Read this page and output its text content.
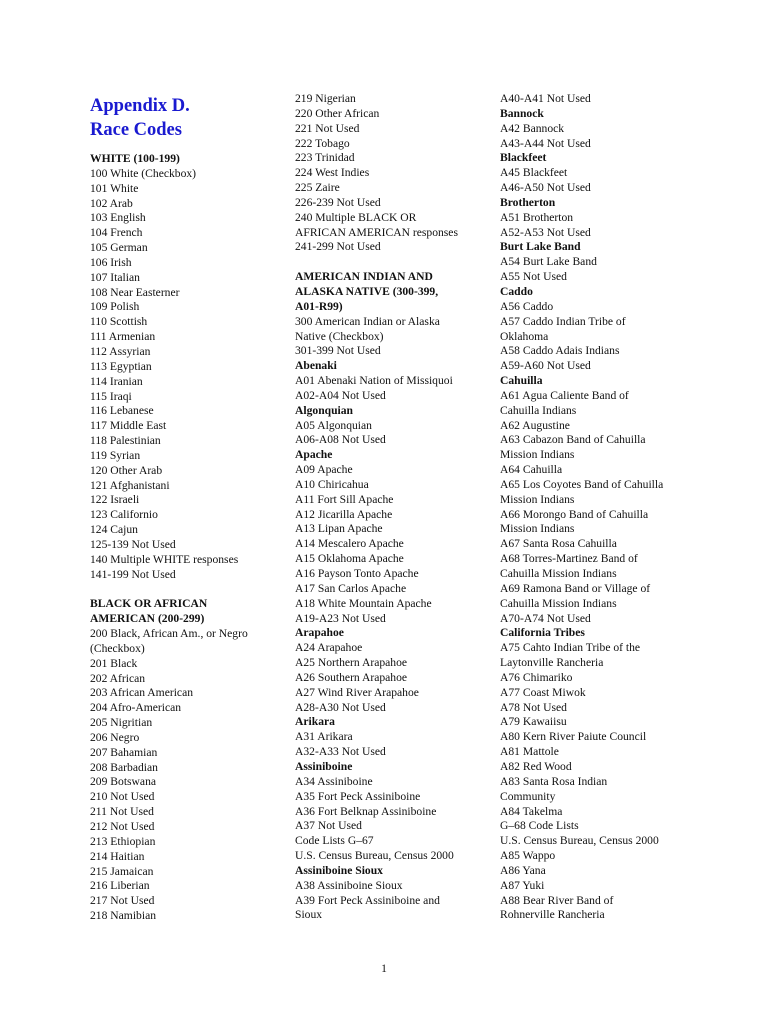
Appendix D.
Race Codes
WHITE (100-199)
100 White (Checkbox)
101 White
102 Arab
103 English
104 French
105 German
106 Irish
107 Italian
108 Near Easterner
109 Polish
110 Scottish
111 Armenian
112 Assyrian
113 Egyptian
114 Iranian
115 Iraqi
116 Lebanese
117 Middle East
118 Palestinian
119 Syrian
120 Other Arab
121 Afghanistani
122 Israeli
123 Californio
124 Cajun
125-139 Not Used
140 Multiple WHITE responses
141-199 Not Used
BLACK OR AFRICAN
AMERICAN (200-299)
200 Black, African Am., or Negro
(Checkbox)
201 Black
202 African
203 African American
204 Afro-American
205 Nigritian
206 Negro
207 Bahamian
208 Barbadian
209 Botswana
210 Not Used
211 Not Used
212 Not Used
213 Ethiopian
214 Haitian
215 Jamaican
216 Liberian
217 Not Used
218 Namibian
219 Nigerian
220 Other African
221 Not Used
222 Tobago
223 Trinidad
224 West Indies
225 Zaire
226-239 Not Used
240 Multiple BLACK OR
AFRICAN AMERICAN responses
241-299 Not Used
AMERICAN INDIAN AND
ALASKA NATIVE (300-399,
A01-R99)
300 American Indian or Alaska
Native (Checkbox)
301-399 Not Used
Abenaki
A01 Abenaki Nation of Missiquoi
A02-A04 Not Used
Algonquian
A05 Algonquian
A06-A08 Not Used
Apache
A09 Apache
A10 Chiricahua
A11 Fort Sill Apache
A12 Jicarilla Apache
A13 Lipan Apache
A14 Mescalero Apache
A15 Oklahoma Apache
A16 Payson Tonto Apache
A17 San Carlos Apache
A18 White Mountain Apache
A19-A23 Not Used
Arapahoe
A24 Arapahoe
A25 Northern Arapahoe
A26 Southern Arapahoe
A27 Wind River Arapahoe
A28-A30 Not Used
Arikara
A31 Arikara
A32-A33 Not Used
Assiniboine
A34 Assiniboine
A35 Fort Peck Assiniboine
A36 Fort Belknap Assiniboine
A37 Not Used
Code Lists G–67
U.S. Census Bureau, Census 2000
Assiniboine Sioux
A38 Assiniboine Sioux
A39 Fort Peck Assiniboine and
Sioux
A40-A41 Not Used
Bannock
A42 Bannock
A43-A44 Not Used
Blackfeet
A45 Blackfeet
A46-A50 Not Used
Brotherton
A51 Brotherton
A52-A53 Not Used
Burt Lake Band
A54 Burt Lake Band
A55 Not Used
Caddo
A56 Caddo
A57 Caddo Indian Tribe of
Oklahoma
A58 Caddo Adais Indians
A59-A60 Not Used
Cahuilla
A61 Agua Caliente Band of
Cahuilla Indians
A62 Augustine
A63 Cabazon Band of Cahuilla
Mission Indians
A64 Cahuilla
A65 Los Coyotes Band of Cahuilla
Mission Indians
A66 Morongo Band of Cahuilla
Mission Indians
A67 Santa Rosa Cahuilla
A68 Torres-Martinez Band of
Cahuilla Mission Indians
A69 Ramona Band or Village of
Cahuilla Mission Indians
A70-A74 Not Used
California Tribes
A75 Cahto Indian Tribe of the
Laytonville Rancheria
A76 Chimariko
A77 Coast Miwok
A78 Not Used
A79 Kawaiisu
A80 Kern River Paiute Council
A81 Mattole
A82 Red Wood
A83 Santa Rosa Indian
Community
A84 Takelma
G–68 Code Lists
U.S. Census Bureau, Census 2000
A85 Wappo
A86 Yana
A87 Yuki
A88 Bear River Band of
Rohnerville Rancheria
1
